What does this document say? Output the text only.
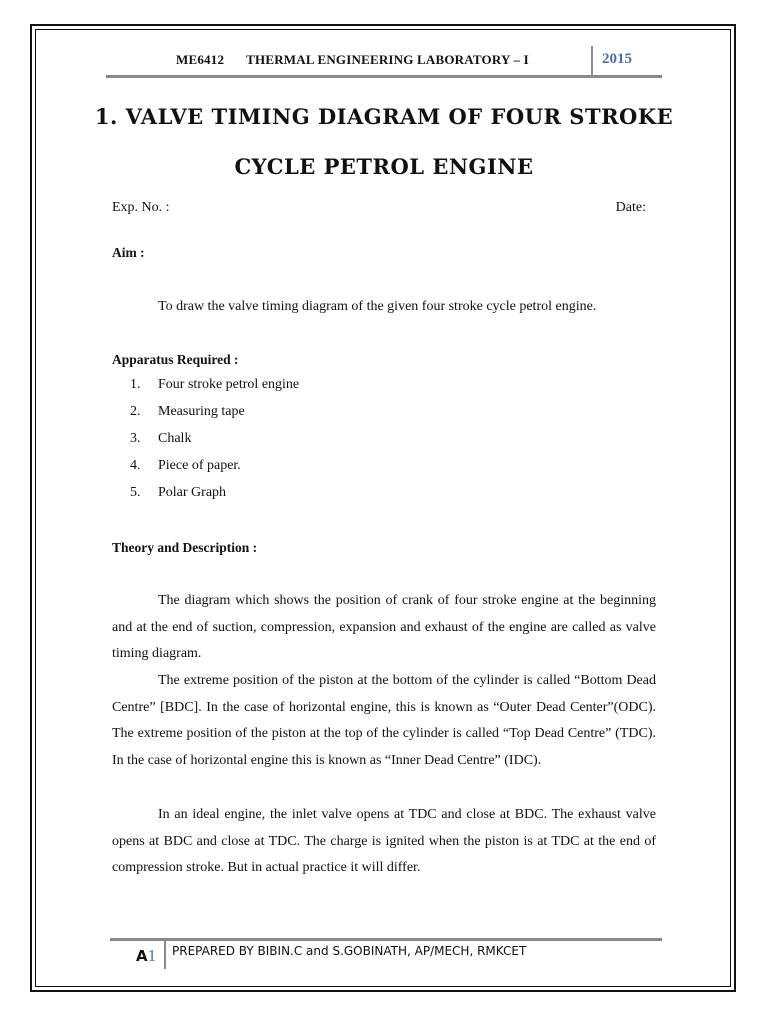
ME6412 THERMAL ENGINEERING LABORATORY – I	2015
1. VALVE TIMING DIAGRAM OF FOUR STROKE
CYCLE PETROL ENGINE
Exp. No. :	Date:
Aim :
To draw the valve timing diagram of the given four stroke cycle petrol engine.
Apparatus Required :
1. Four stroke petrol engine
2. Measuring tape
3. Chalk
4. Piece of paper.
5. Polar Graph
Theory and Description :
The diagram which shows the position of crank of four stroke engine at the beginning and at the end of suction, compression, expansion and exhaust of the engine are called as valve timing diagram.
The extreme position of the piston at the bottom of the cylinder is called “Bottom Dead Centre” [BDC]. In the case of horizontal engine, this is known as “Outer Dead Center”(ODC). The extreme position of the piston at the top of the cylinder is called “Top Dead Centre” (TDC). In the case of horizontal engine this is known as “Inner Dead Centre” (IDC).
In an ideal engine, the inlet valve opens at TDC and close at BDC. The exhaust valve opens at BDC and close at TDC. The charge is ignited when the piston is at TDC at the end of compression stroke. But in actual practice it will differ.
A1 PREPARED BY BIBIN.C and S.GOBINATH, AP/MECH, RMKCET
